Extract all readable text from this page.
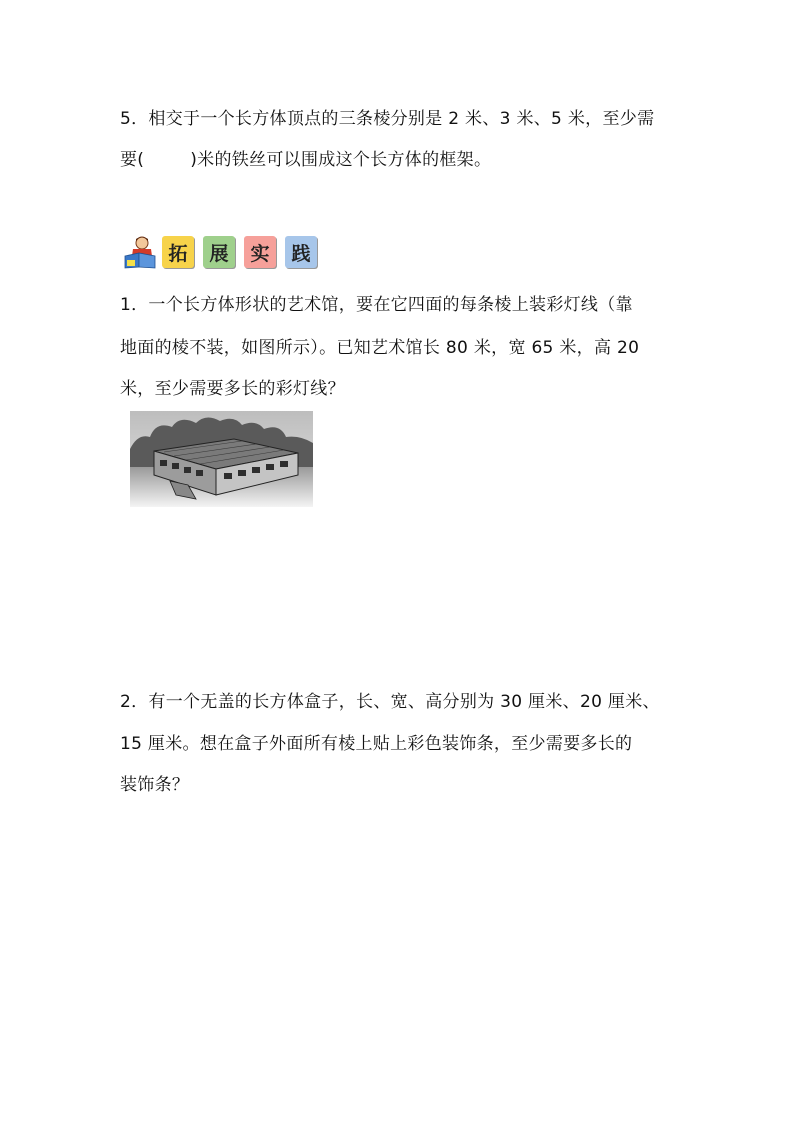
5．相交于一个长方体顶点的三条棱分别是 2 米、3 米、5 米，至少需
要(	)米的铁丝可以围成这个长方体的框架。
拓 展 实 践
1．一个长方体形状的艺术馆，要在它四面的每条棱上装彩灯线（靠
地面的棱不装，如图所示）。已知艺术馆长 80 米，宽 65 米，高 20
米，至少需要多长的彩灯线？
2．有一个无盖的长方体盒子，长、宽、高分别为 30 厘米、20 厘米、
15 厘米。想在盒子外面所有棱上贴上彩色装饰条，至少需要多长的
装饰条？
